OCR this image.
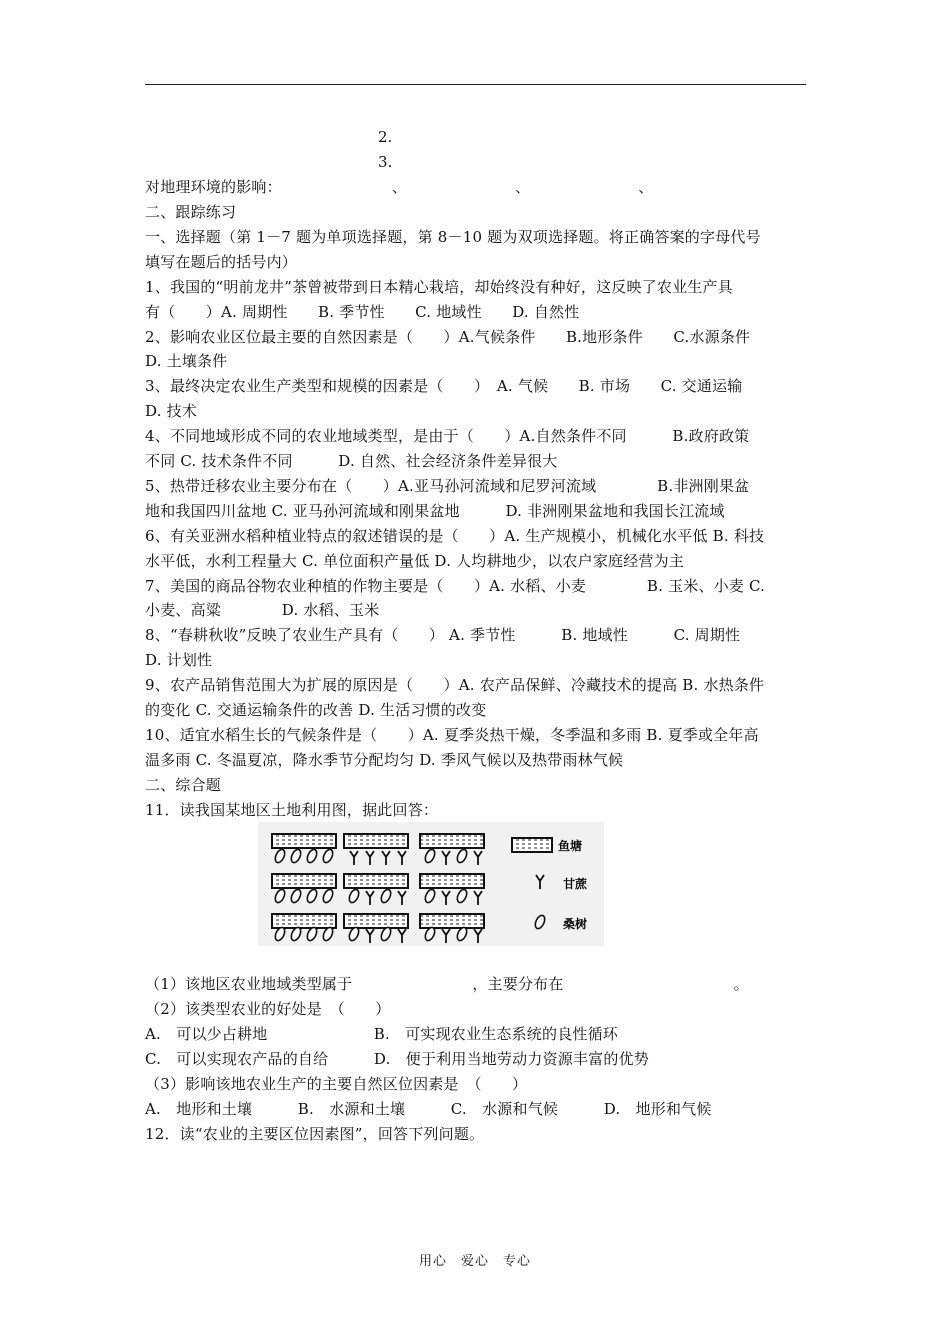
2.
3.
对地理环境的影响：	、	、	、
二、跟踪练习
一、选择题（第 1－7 题为单项选择题，第 8－10 题为双项选择题。将正确答案的字母代号
填写在题后的括号内）
1、我国的“明前龙井”茶曾被带到日本精心栽培，却始终没有种好，这反映了农业生产具
有（　　）A. 周期性　　B. 季节性　　C. 地域性　　D. 自然性
2、影响农业区位最主要的自然因素是（　　）A.气候条件　　B.地形条件　　C.水源条件
D. 土壤条件
3、最终决定农业生产类型和规模的因素是（　　）　A. 气候　　B. 市场　　C. 交通运输
D. 技术
4、不同地域形成不同的农业地域类型，是由于（　　）A.自然条件不同　　　B.政府政策
不同 C. 技术条件不同　　　D. 自然、社会经济条件差异很大
5、热带迁移农业主要分布在（　　）A.亚马孙河流域和尼罗河流域　　　　B.非洲刚果盆
地和我国四川盆地 C. 亚马孙河流域和刚果盆地　　　D. 非洲刚果盆地和我国长江流域
6、有关亚洲水稻种植业特点的叙述错误的是（　　）A. 生产规模小，机械化水平低 B. 科技
水平低，水利工程量大 C. 单位面积产量低 D. 人均耕地少，以农户家庭经营为主
7、美国的商品谷物农业种植的作物主要是（　　）A. 水稻、小麦　　　　B. 玉米、小麦 C.
小麦、高粱　　　　D. 水稻、玉米
8、“春耕秋收”反映了农业生产具有（　　） A. 季节性　　　B. 地域性　　　C. 周期性
D. 计划性
9、农产品销售范围大为扩展的原因是（　　）A. 农产品保鲜、冷藏技术的提高 B. 水热条件
的变化 C. 交通运输条件的改善 D. 生活习惯的改变
10、适宜水稻生长的气候条件是（　　）A. 夏季炎热干燥，冬季温和多雨 B. 夏季或全年高
温多雨 C. 冬温夏凉，降水季节分配均匀 D. 季风气候以及热带雨林气候
二、综合题
11．读我国某地区土地利用图，据此回答：
鱼塘
甘蔗
桑树
（1）该地区农业地域类型属于	，主要分布在	。
（2）该类型农业的好处是　（　　）
A.　可以少占耕地　　　　　　　B.　可实现农业生态系统的良性循环
C.　可以实现农产品的自给　　　D.　便于利用当地劳动力资源丰富的优势
（3）影响该地农业生产的主要自然区位因素是　（　　）
A.　地形和土壤　　　B.　水源和土壤　　　C.　水源和气候　　　D.　地形和气候
12．读“农业的主要区位因素图”，回答下列问题。
用心　爱心　专心
